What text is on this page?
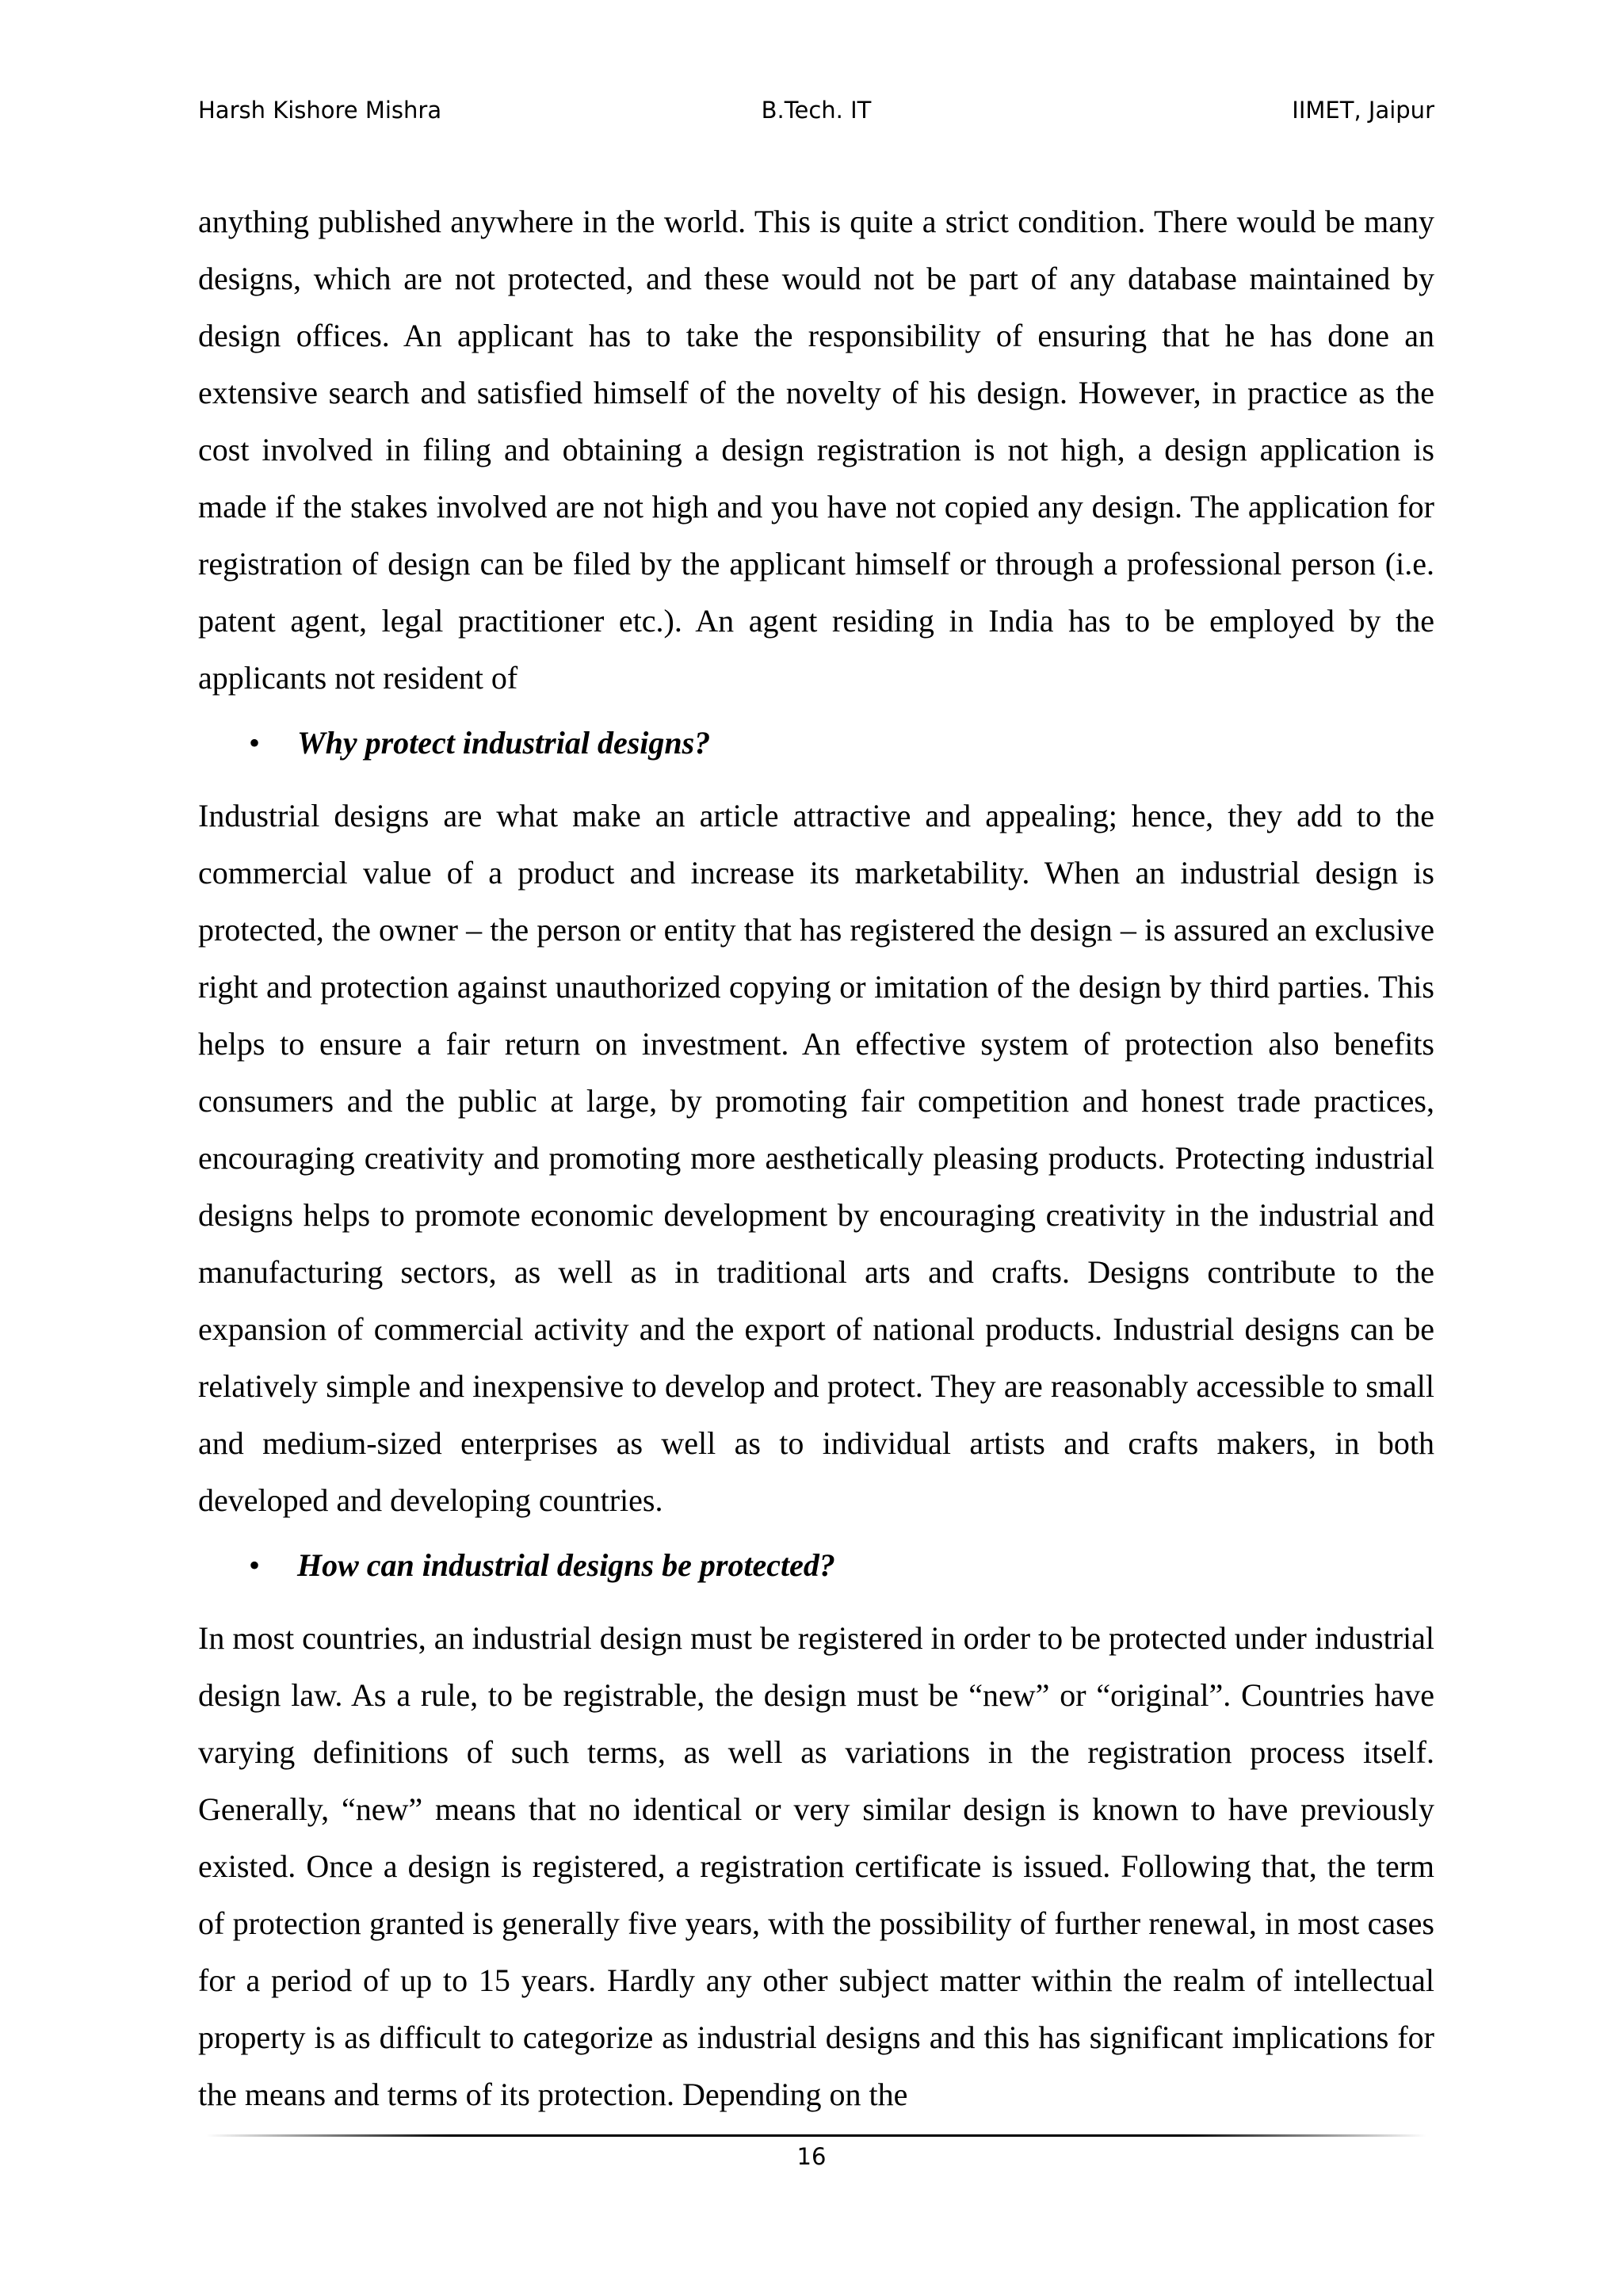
Harsh Kishore Mishra	B.Tech. IT	IIMET, Jaipur

anything published anywhere in the world. This is quite a strict condition. There would be many designs, which are not protected, and these would not be part of any database maintained by design offices. An applicant has to take the responsibility of ensuring that he has done an extensive search and satisfied himself of the novelty of his design. However, in practice as the cost involved in filing and obtaining a design registration is not high, a design application is made if the stakes involved are not high and you have not copied any design. The application for registration of design can be filed by the applicant himself or through a professional person (i.e. patent agent, legal practitioner etc.). An agent residing in India has to be employed by the applicants not resident of

• Why protect industrial designs?

Industrial designs are what make an article attractive and appealing; hence, they add to the commercial value of a product and increase its marketability. When an industrial design is protected, the owner – the person or entity that has registered the design – is assured an exclusive right and protection against unauthorized copying or imitation of the design by third parties. This helps to ensure a fair return on investment. An effective system of protection also benefits consumers and the public at large, by promoting fair competition and honest trade practices, encouraging creativity and promoting more aesthetically pleasing products. Protecting industrial designs helps to promote economic development by encouraging creativity in the industrial and manufacturing sectors, as well as in traditional arts and crafts. Designs contribute to the expansion of commercial activity and the export of national products. Industrial designs can be relatively simple and inexpensive to develop and protect. They are reasonably accessible to small and medium-sized enterprises as well as to individual artists and crafts makers, in both developed and developing countries.

• How can industrial designs be protected?

In most countries, an industrial design must be registered in order to be protected under industrial design law. As a rule, to be registrable, the design must be “new” or “original”. Countries have varying definitions of such terms, as well as variations in the registration process itself. Generally, “new” means that no identical or very similar design is known to have previously existed. Once a design is registered, a registration certificate is issued. Following that, the term of protection granted is generally five years, with the possibility of further renewal, in most cases for a period of up to 15 years. Hardly any other subject matter within the realm of intellectual property is as difficult to categorize as industrial designs and this has significant implications for the means and terms of its protection. Depending on the

16
